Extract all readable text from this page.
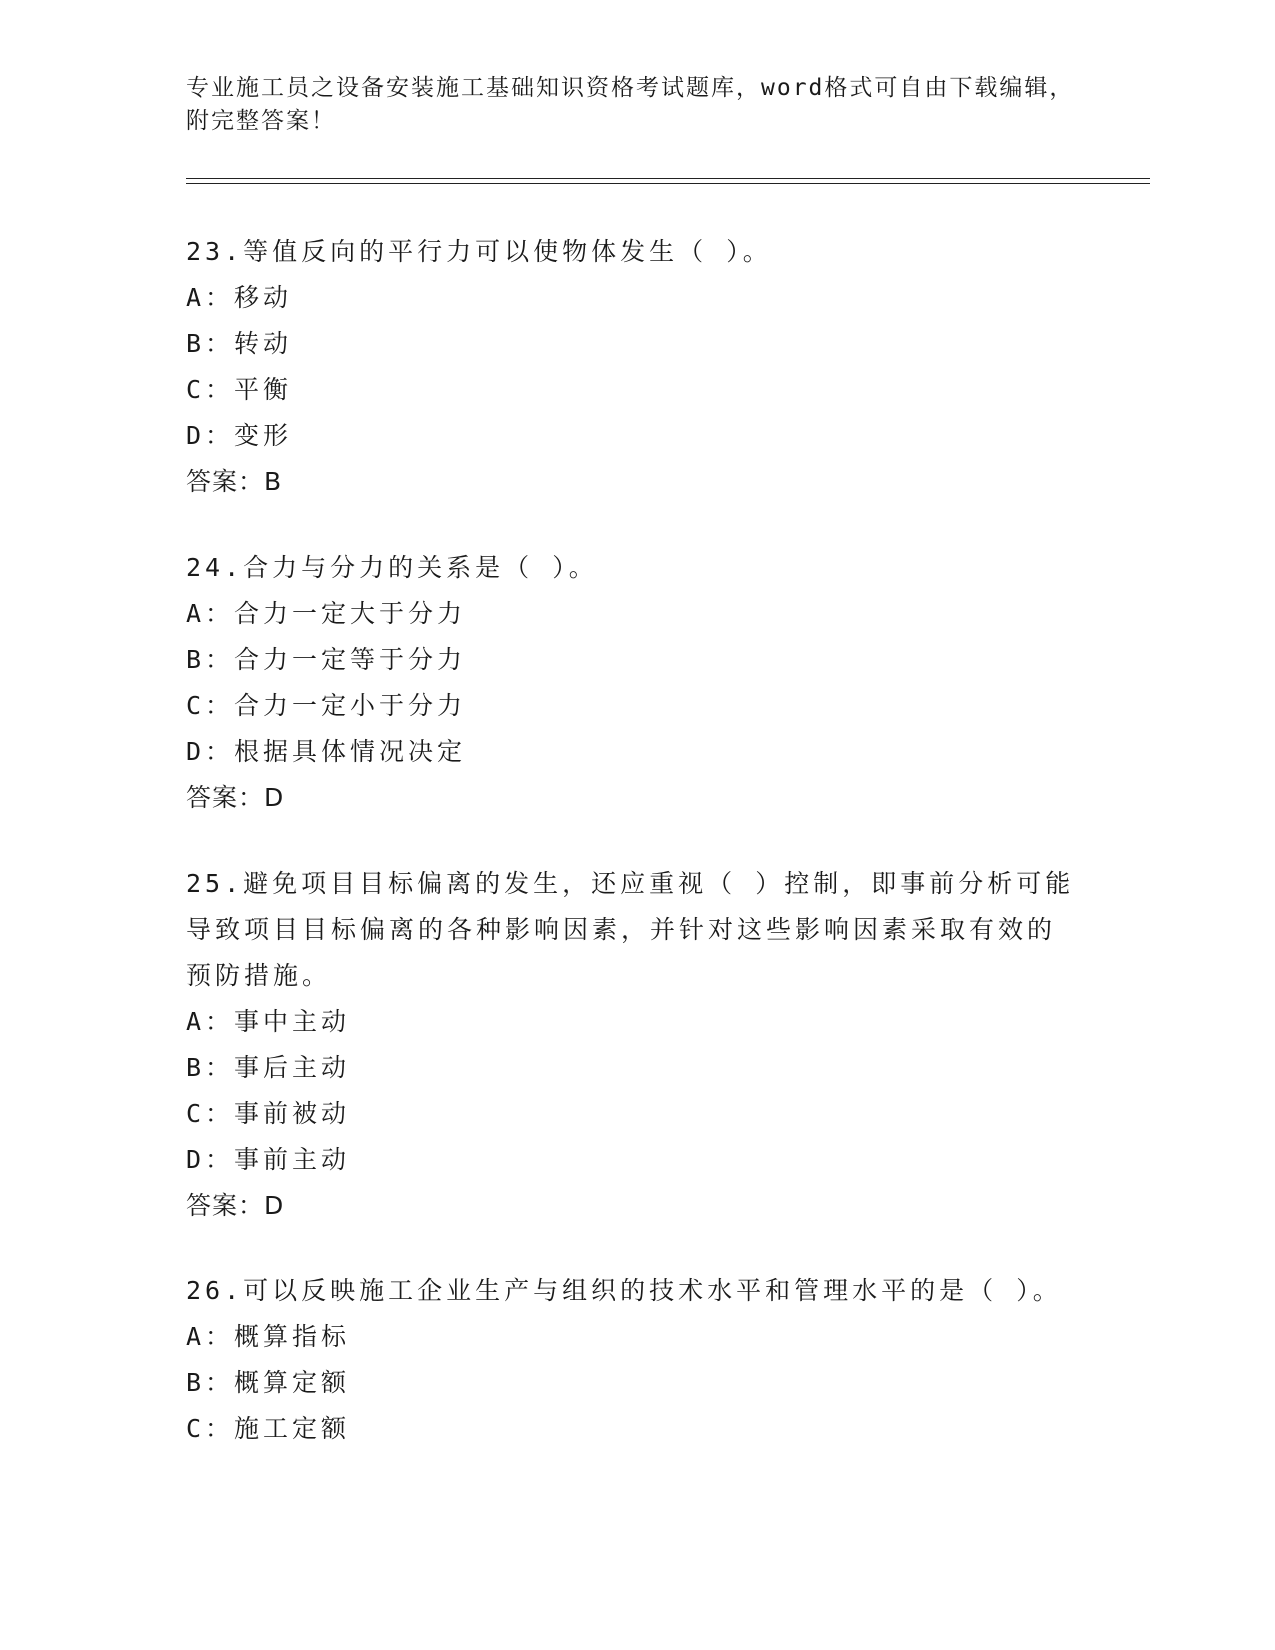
专业施工员之设备安装施工基础知识资格考试题库，word格式可自由下载编辑，
附完整答案！
23.等值反向的平行力可以使物体发生（ ）。
A：移动
B：转动
C：平衡
D：变形
答案：B
24.合力与分力的关系是（ ）。
A：合力一定大于分力
B：合力一定等于分力
C：合力一定小于分力
D：根据具体情况决定
答案：D
25.避免项目目标偏离的发生，还应重视（ ）控制，即事前分析可能
导致项目目标偏离的各种影响因素，并针对这些影响因素采取有效的
预防措施。
A：事中主动
B：事后主动
C：事前被动
D：事前主动
答案：D
26.可以反映施工企业生产与组织的技术水平和管理水平的是（ ）。
A：概算指标
B：概算定额
C：施工定额
